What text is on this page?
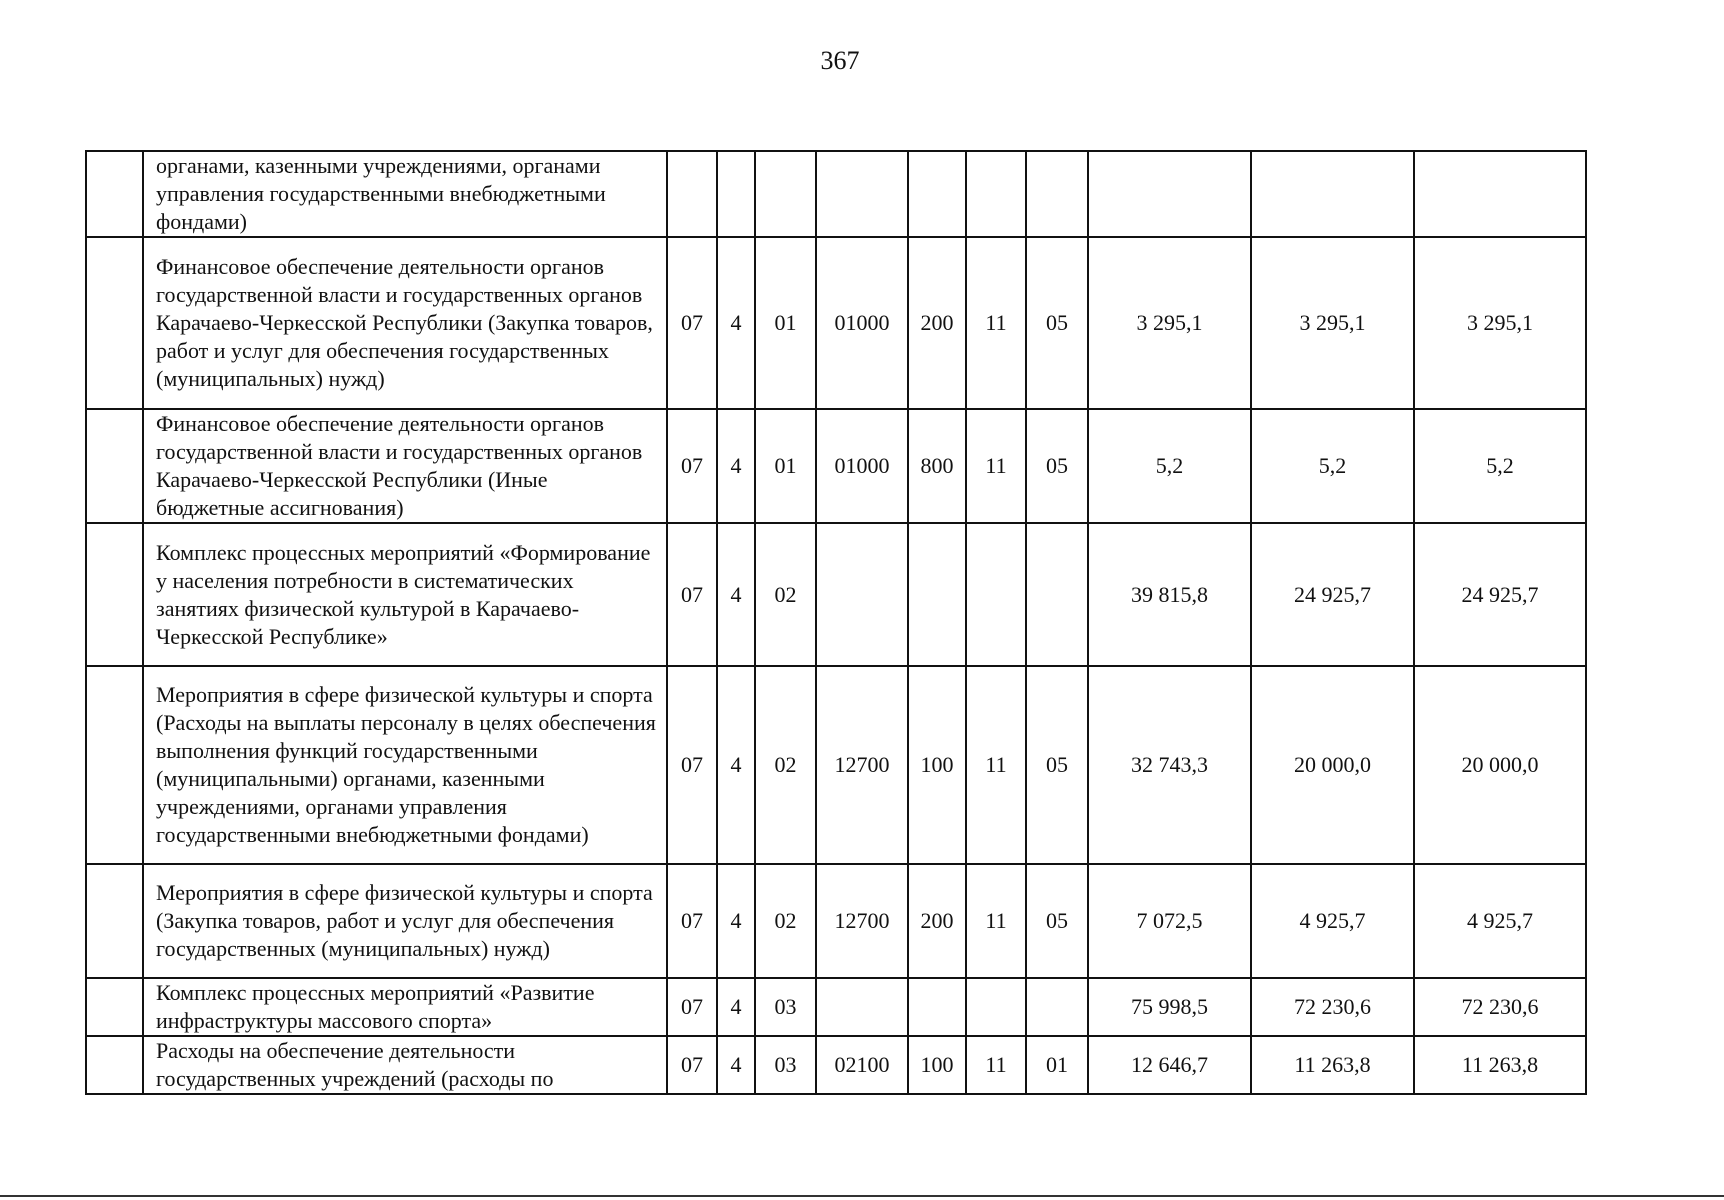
367
	органами, казенными учреждениями, органами управления государственными внебюджетными фондами)										
	Финансовое обеспечение деятельности органов государственной власти и государственных органов Карачаево-Черкесской Республики (Закупка товаров, работ и услуг для обеспечения государственных (муниципальных) нужд)	07	4	01	01000	200	11	05	3 295,1	3 295,1	3 295,1
	Финансовое обеспечение деятельности органов государственной власти и государственных органов Карачаево-Черкесской Республики (Иные бюджетные ассигнования)	07	4	01	01000	800	11	05	5,2	5,2	5,2
	Комплекс процессных мероприятий «Формирование у населения потребности в систематических занятиях физической культурой в Карачаево-Черкесской Республике»	07	4	02					39 815,8	24 925,7	24 925,7
	Мероприятия в сфере физической культуры и спорта (Расходы на выплаты персоналу в целях обеспечения выполнения функций государственными (муниципальными) органами, казенными учреждениями, органами управления государственными внебюджетными фондами)	07	4	02	12700	100	11	05	32 743,3	20 000,0	20 000,0
	Мероприятия в сфере физической культуры и спорта (Закупка товаров, работ и услуг для обеспечения государственных (муниципальных) нужд)	07	4	02	12700	200	11	05	7 072,5	4 925,7	4 925,7
	Комплекс процессных мероприятий «Развитие инфраструктуры массового спорта»	07	4	03					75 998,5	72 230,6	72 230,6
	Расходы на обеспечение деятельности государственных учреждений (расходы по	07	4	03	02100	100	11	01	12 646,7	11 263,8	11 263,8
